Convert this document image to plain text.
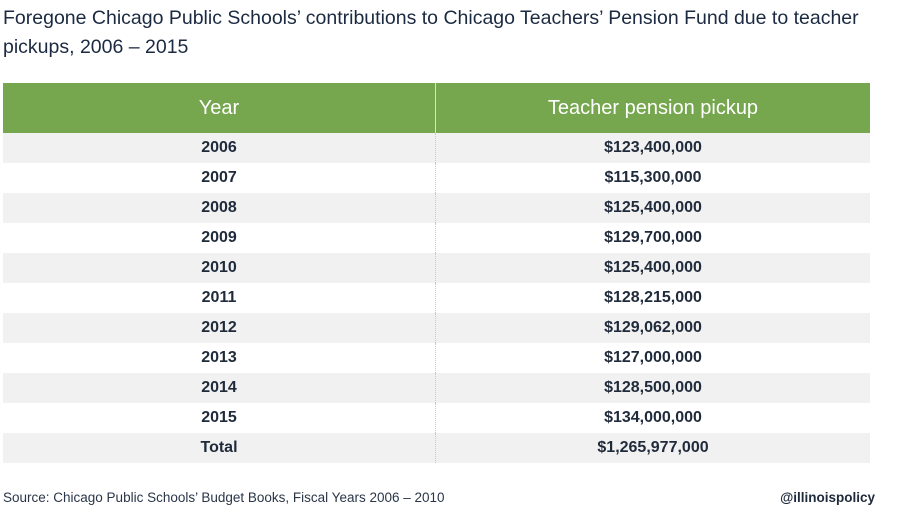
Foregone Chicago Public Schools’ contributions to Chicago Teachers’ Pension Fund due to teacher pickups, 2006 – 2015
Year	Teacher pension pickup
2006	$123,400,000
2007	$115,300,000
2008	$125,400,000
2009	$129,700,000
2010	$125,400,000
2011	$128,215,000
2012	$129,062,000
2013	$127,000,000
2014	$128,500,000
2015	$134,000,000
Total	$1,265,977,000
Source: Chicago Public Schools’ Budget Books, Fiscal Years 2006 – 2010	@illinoispolicy
